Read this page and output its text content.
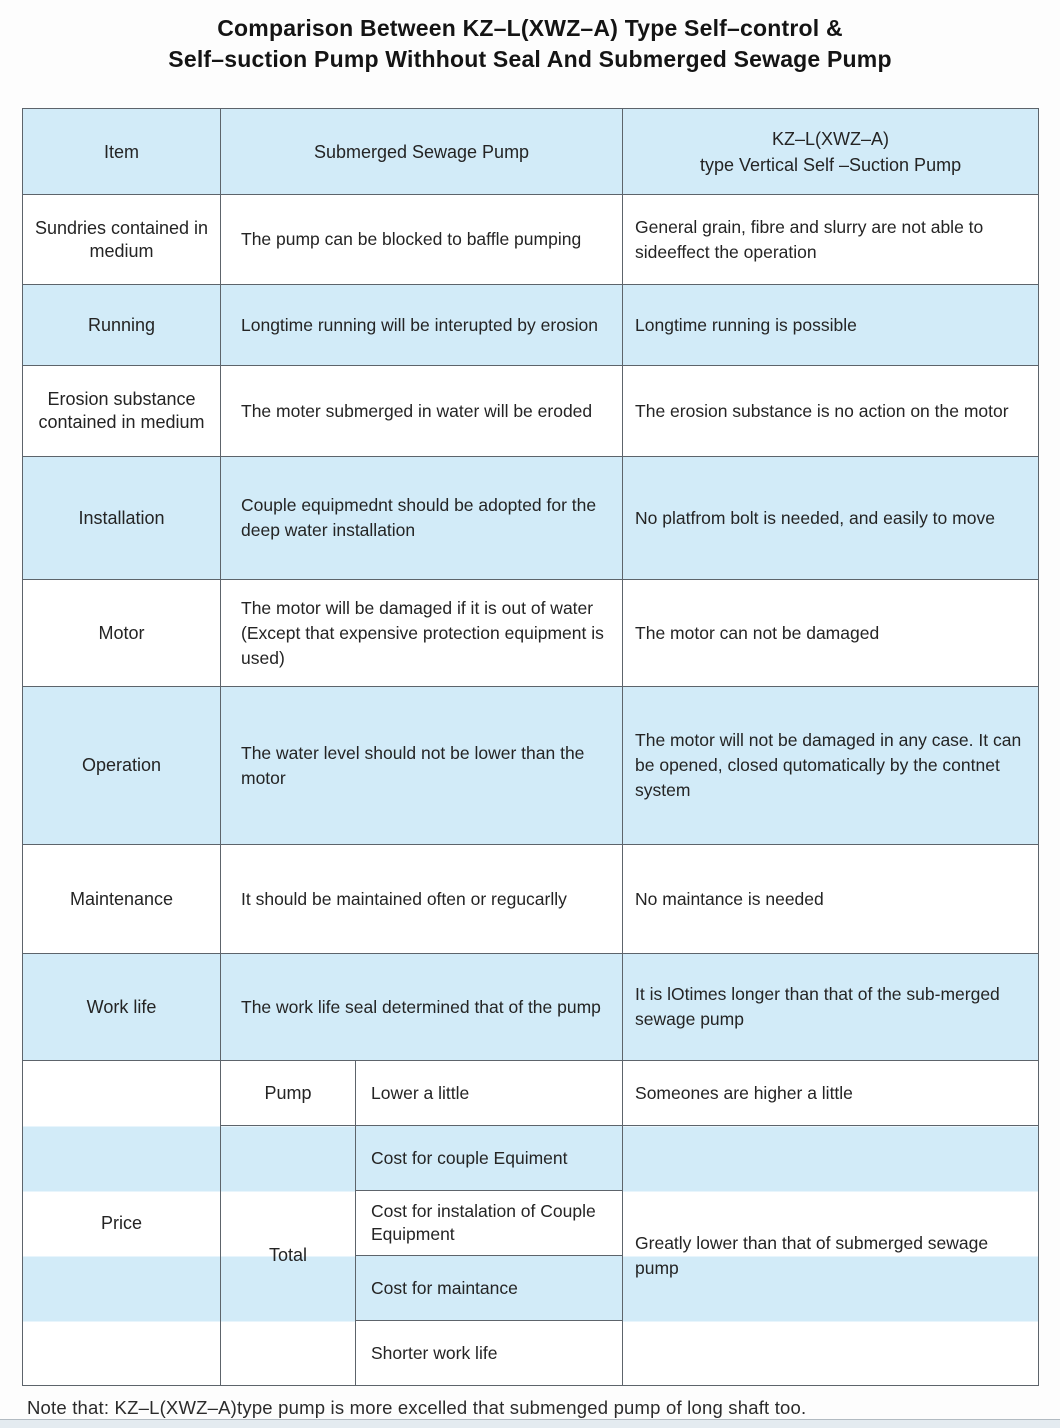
Comparison Between KZ–L(XWZ–A) Type Self–control &
Self–suction Pump Withhout Seal And Submerged Sewage Pump
Item	Submerged Sewage Pump		KZ–L(XWZ–A)
type Vertical Self –Suction Pump

Sundries contained in medium	The pump can be blocked to baffle pumping		General grain, fibre and slurry are not able to sideeffect the operation
Running	Longtime running will be interupted by erosion		Longtime running is possible
Erosion substance contained in medium	The moter submerged in water will be eroded		The erosion substance is no action on the motor
Installation	Couple equipmednt should be adopted for the deep water installation		No platfrom bolt is needed, and easily to move
Motor	The motor will be damaged if it is out of water (Except that expensive protection equipment is used)		The motor can not be damaged
Operation	The water level should not be lower than the motor		The motor will not be damaged in any case. It can be opened, closed qutomatically by the contnet system
Maintenance	It should be maintained often or regucarlly		No maintance is needed
Work life	The work life seal determined that of the pump		It is lOtimes longer than that of the sub-merged sewage pump
Price	Pump	Lower a little	Someones are higher a little
	Total	Cost for couple Equiment	Greatly lower than that of submerged sewage pump
		Cost for instalation of Couple Equipment	
		Cost for maintance	
		Shorter work life	
Note that: KZ–L(XWZ–A)type pump is more excelled that submenged pump of long shaft too.
